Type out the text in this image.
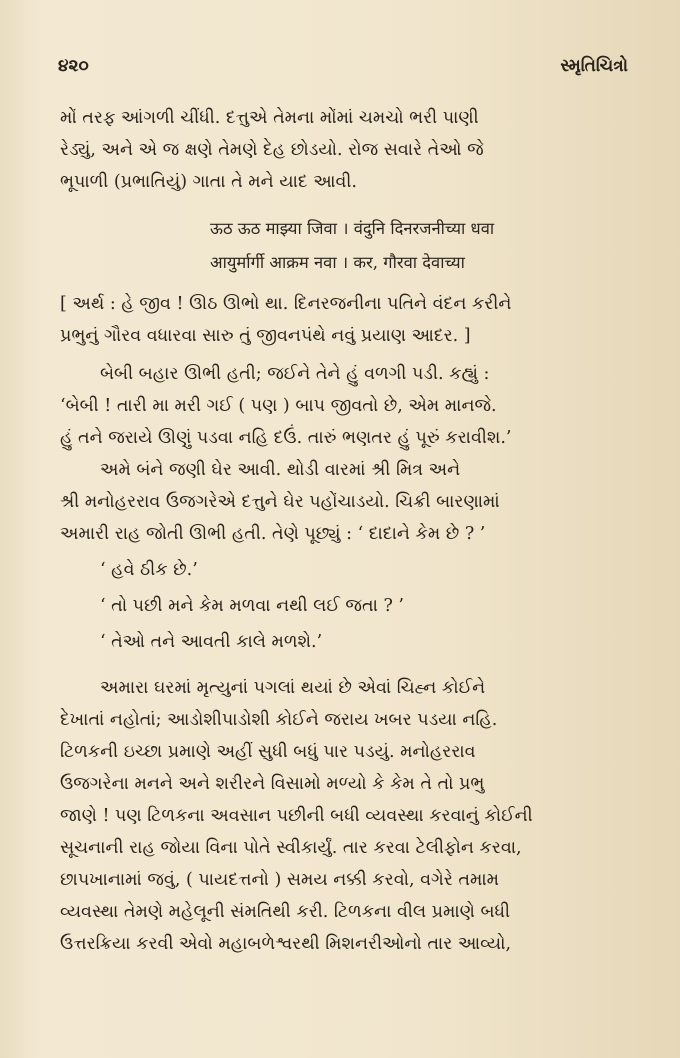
૪૨૦	સ્મૃતિચિત્રો
મોં તરફ આંગળી ચીંધી. દત્તુએ તેમના મોંમાં ચમચો ભરી પાણી
રેડ્યું, અને એ જ ક્ષણે તેમણે દેહ છોડયો. રોજ સવારે તેઓ જે
ભૂપાળી (પ્રભાતિયું) ગાતા તે મને યાદ આવી.
ऊठ ऊठ माझ्या जिवा । वंदुनि दिनरजनीच्या धवा
आयुर्मार्गी आक्रम नवा । कर, गौरवा देवाच्या
[ અર્થ : હે જીવ ! ઊઠ ઊભો થા. દિનરજનીના પતિને વંદન કરીને
પ્રભુનું ગૌરવ વધારવા સારુ તું જીવનપંથે નવું પ્રયાણ આદર. ]
બેબી બહાર ઊભી હતી; જઈને તેને હું વળગી પડી. કહ્યું :
‘બેબી ! તારી મા મરી ગઈ ( પણ ) બાપ જીવતો છે, એમ માનજે.
હું તને જરાયે ઊણું પડવા નહિ દઉં. તારું ભણતર હું પૂરું કરાવીશ.’
અમે બંને જણી ઘેર આવી. થોડી વારમાં શ્રી મિત્ર અને
શ્રી મનોહરરાવ ઉજગરેએ દત્તુને ઘેર પહોંચાડયો. ચિક્રી બારણામાં
અમારી રાહ જોતી ઊભી હતી. તેણે પૂછ્યું : ‘ દાદાને કેમ છે ? ’
‘ હવે ઠીક છે.’
‘ તો પછી મને કેમ મળવા નથી લઈ જતા ? ’
‘ તેઓ તને આવતી કાલે મળશે.’
અમારા ઘરમાં મૃત્યુનાં પગલાં થયાં છે એવાં ચિહ્ન કોઈને
દેખાતાં નહોતાં; આડોશીપાડોશી કોઈને જરાય ખબર પડયા નહિ.
ટિળકની ઇચ્છા પ્રમાણે અહીં સુધી બધું પાર પડયું. મનોહરરાવ
ઉજગરેના મનને અને શરીરને વિસામો મળ્યો કે કેમ તે તો પ્રભુ
જાણે ! પણ ટિળકના અવસાન પછીની બધી વ્યવસ્થા કરવાનું કોઈની
સૂચનાની રાહ જોયા વિના પોતે સ્વીકાર્યું. તાર કરવા ટેલીફોન કરવા,
છાપખાનામાં જવું, ( પાયદત્તનો ) સમય નક્કી કરવો, વગેરે તમામ
વ્યવસ્થા તેમણે મહેલૂની સંમતિથી કરી. ટિળકના વીલ પ્રમાણે બધી
ઉત્તરક્રિયા કરવી એવો મહાબળેશ્વરથી મિશનરીઓનો તાર આવ્યો,
